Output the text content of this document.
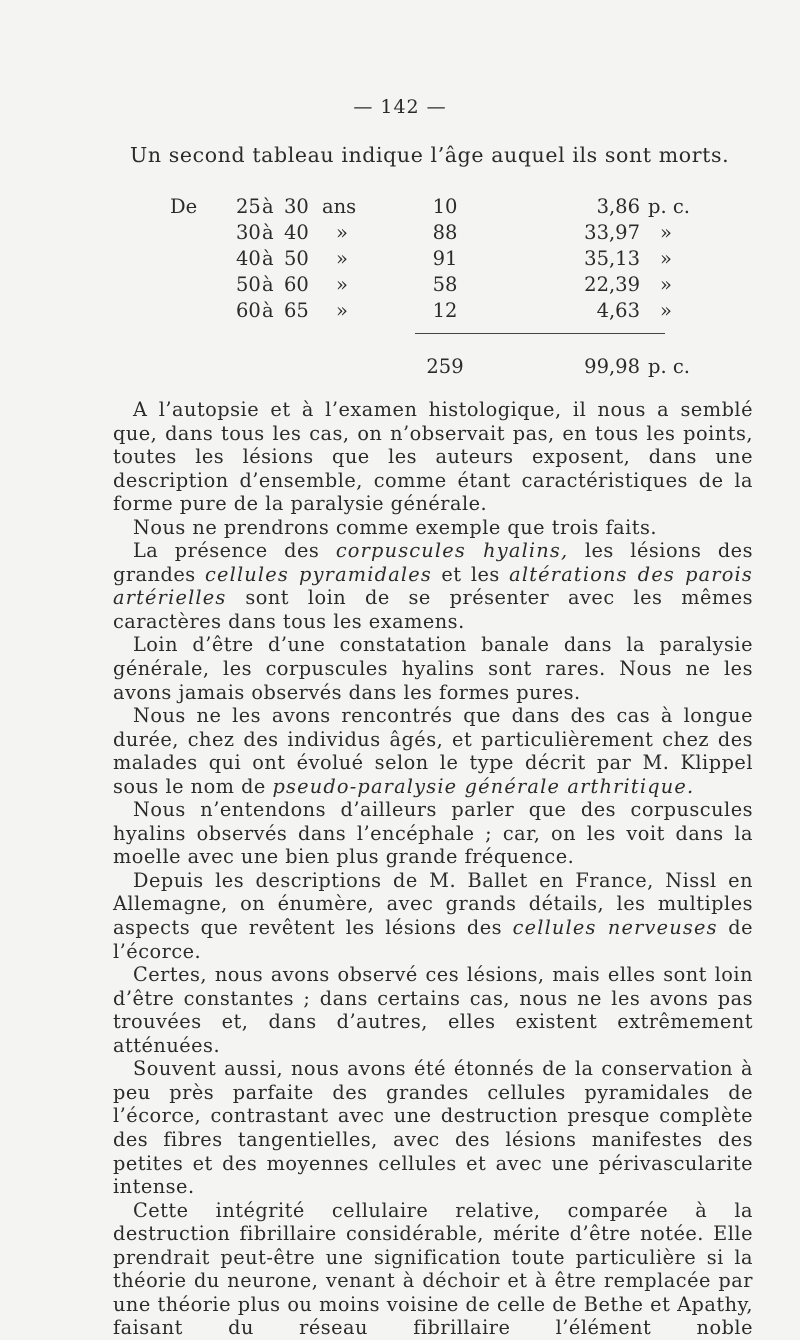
— 142 —
Un second tableau indique l’âge auquel ils sont morts.
De 25 à 30 ans	10	3,86 p. c.
30 à 40 »	88	33,97 »
40 à 50 »	91	35,13 »
50 à 60 »	58	22,39 »
60 à 65 »	12	4,63 »
259	99,98 p. c.

A l’autopsie et à l’examen histologique, il nous a semblé que, dans tous les cas, on n’observait pas, en tous les points, toutes les lésions que les auteurs exposent, dans une description d’ensemble, comme étant caractéristiques de la forme pure de la paralysie générale.

Nous ne prendrons comme exemple que trois faits.

La présence des corpuscules hyalins, les lésions des grandes cellules pyramidales et les altérations des parois artérielles sont loin de se présenter avec les mêmes caractères dans tous les examens.

Loin d’être d’une constatation banale dans la paralysie générale, les corpuscules hyalins sont rares. Nous ne les avons jamais observés dans les formes pures.

Nous ne les avons rencontrés que dans des cas à longue durée, chez des individus âgés, et particulièrement chez des malades qui ont évolué selon le type décrit par M. Klippel sous le nom de pseudo-paralysie générale arthritique.

Nous n’entendons d’ailleurs parler que des corpuscules hyalins observés dans l’encéphale ; car, on les voit dans la moelle avec une bien plus grande fréquence.

Depuis les descriptions de M. Ballet en France, Nissl en Allemagne, on énumère, avec grands détails, les multiples aspects que revêtent les lésions des cellules nerveuses de l’écorce.

Certes, nous avons observé ces lésions, mais elles sont loin d’être constantes ; dans certains cas, nous ne les avons pas trouvées et, dans d’autres, elles existent extrêmement atténuées.

Souvent aussi, nous avons été étonnés de la conservation à peu près parfaite des grandes cellules pyramidales de l’écorce, contrastant avec une destruction presque complète des fibres tangentielles, avec des lésions manifestes des petites et des moyennes cellules et avec une périvascularite intense.

Cette intégrité cellulaire relative, comparée à la destruction fibrillaire considérable, mérite d’être notée. Elle prendrait peut-être une signification toute particulière si la théorie du neurone, venant à déchoir et à être remplacée par une théorie plus ou moins voisine de celle de Bethe et Apathy, faisant du réseau fibrillaire l’élément noble
